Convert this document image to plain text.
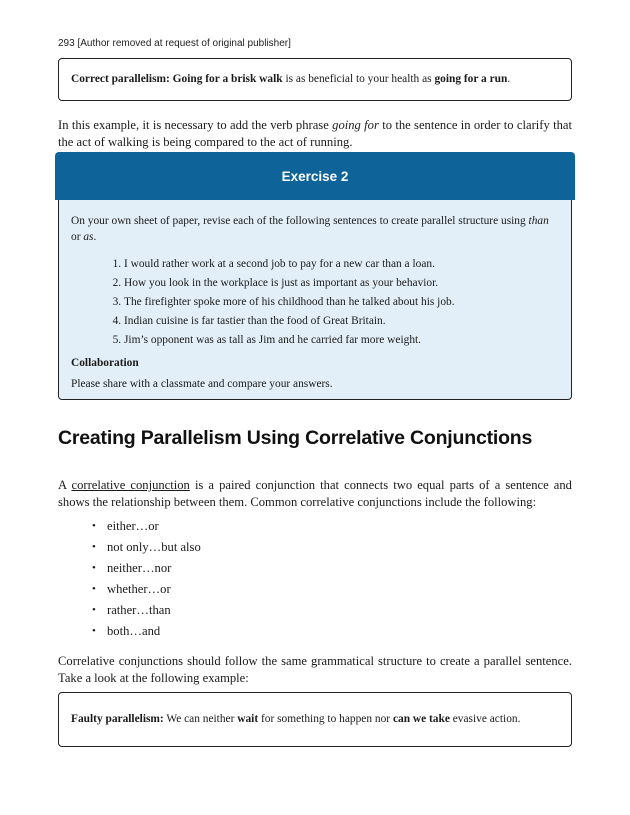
293 [Author removed at request of original publisher]
Correct parallelism: Going for a brisk walk is as beneficial to your health as going for a run.

In this example, it is necessary to add the verb phrase going for to the sentence in order to clarify that the act of walking is being compared to the act of running.

Exercise 2

On your own sheet of paper, revise each of the following sentences to create parallel structure using than or as.

1. I would rather work at a second job to pay for a new car than a loan.
2. How you look in the workplace is just as important as your behavior.
3. The firefighter spoke more of his childhood than he talked about his job.
4. Indian cuisine is far tastier than the food of Great Britain.
5. Jim’s opponent was as tall as Jim and he carried far more weight.

Collaboration

Please share with a classmate and compare your answers.

Creating Parallelism Using Correlative Conjunctions

A correlative conjunction is a paired conjunction that connects two equal parts of a sentence and shows the relationship between them. Common correlative conjunctions include the following:

• either…or
• not only…but also
• neither…nor
• whether…or
• rather…than
• both…and

Correlative conjunctions should follow the same grammatical structure to create a parallel sentence. Take a look at the following example:

Faulty parallelism: We can neither wait for something to happen nor can we take evasive action.
